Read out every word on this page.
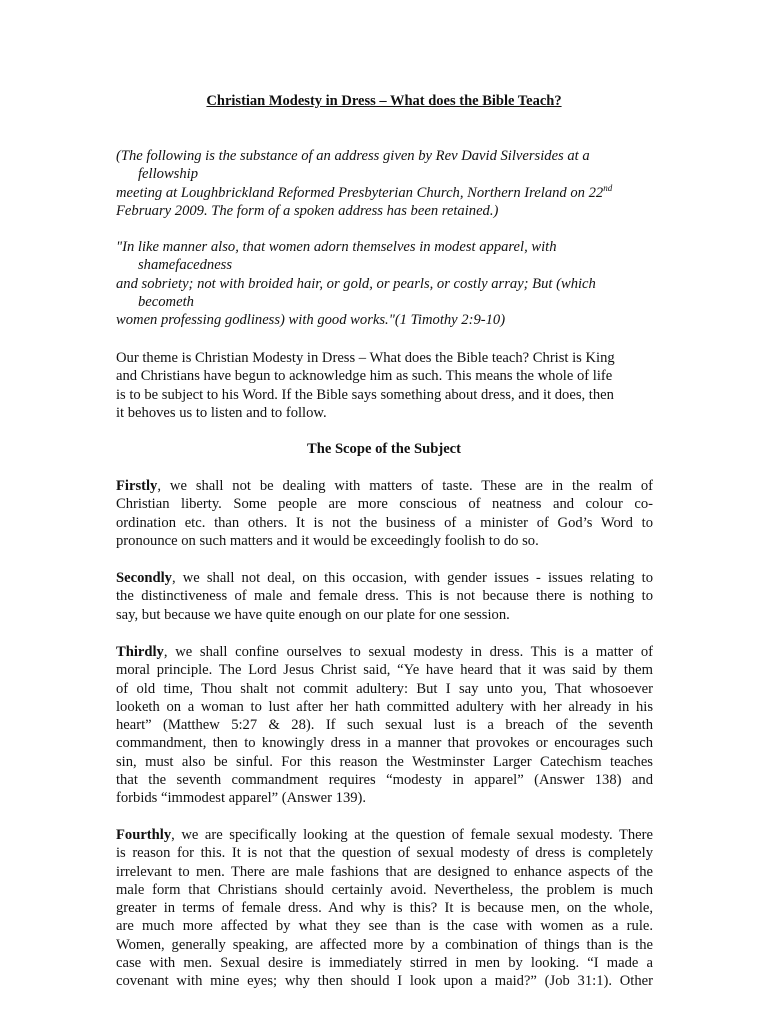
Christian Modesty in Dress – What does the Bible Teach?
(The following is the substance of an address given by Rev David Silversides at a
fellowship
meeting at Loughbrickland Reformed Presbyterian Church, Northern Ireland on 22nd
February 2009. The form of a spoken address has been retained.)
"In like manner also, that women adorn themselves in modest apparel, with
shamefacedness
and sobriety; not with broided hair, or gold, or pearls, or costly array; But (which
becometh
women professing godliness) with good works."(1 Timothy 2:9-10)
Our theme is Christian Modesty in Dress – What does the Bible teach? Christ is King
and Christians have begun to acknowledge him as such. This means the whole of life
is to be subject to his Word. If the Bible says something about dress, and it does, then
it behoves us to listen and to follow.
The Scope of the Subject
Firstly, we shall not be dealing with matters of taste. These are in the realm of
Christian liberty. Some people are more conscious of neatness and colour co-
ordination etc. than others. It is not the business of a minister of God’s Word to
pronounce on such matters and it would be exceedingly foolish to do so.
Secondly, we shall not deal, on this occasion, with gender issues - issues relating to
the distinctiveness of male and female dress. This is not because there is nothing to
say, but because we have quite enough on our plate for one session.
Thirdly, we shall confine ourselves to sexual modesty in dress. This is a matter of
moral principle. The Lord Jesus Christ said, “Ye have heard that it was said by them
of old time, Thou shalt not commit adultery: But I say unto you, That whosoever
looketh on a woman to lust after her hath committed adultery with her already in his
heart” (Matthew 5:27 & 28). If such sexual lust is a breach of the seventh
commandment, then to knowingly dress in a manner that provokes or encourages such
sin, must also be sinful. For this reason the Westminster Larger Catechism teaches
that the seventh commandment requires “modesty in apparel” (Answer 138) and
forbids “immodest apparel” (Answer 139).
Fourthly, we are specifically looking at the question of female sexual modesty. There
is reason for this. It is not that the question of sexual modesty of dress is completely
irrelevant to men. There are male fashions that are designed to enhance aspects of the
male form that Christians should certainly avoid. Nevertheless, the problem is much
greater in terms of female dress. And why is this? It is because men, on the whole,
are much more affected by what they see than is the case with women as a rule.
Women, generally speaking, are affected more by a combination of things than is the
case with men. Sexual desire is immediately stirred in men by looking. “I made a
covenant with mine eyes; why then should I look upon a maid?” (Job 31:1). Other
